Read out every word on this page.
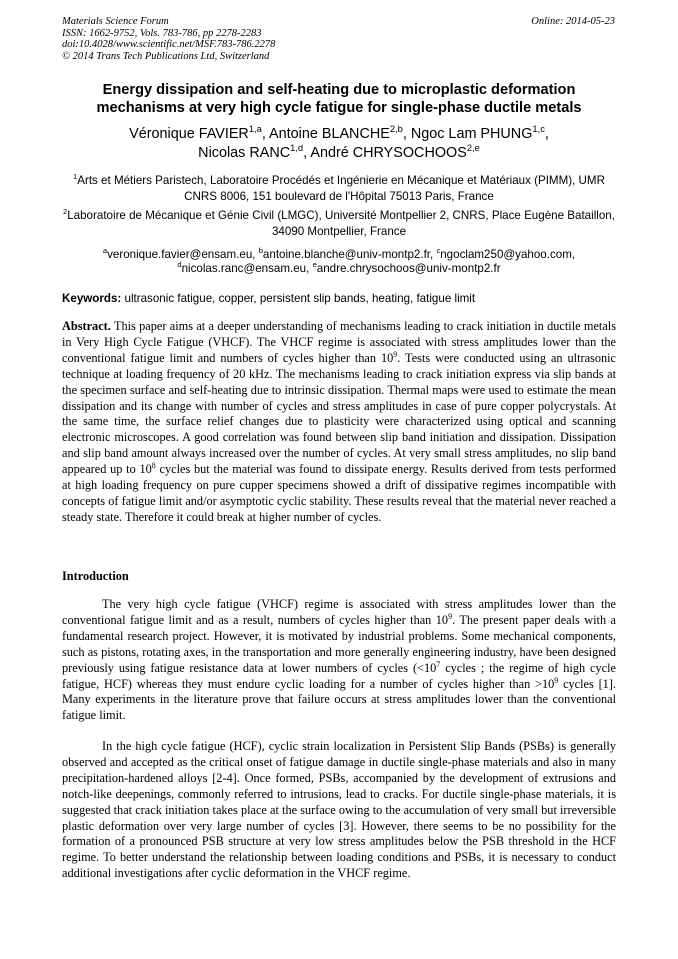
Materials Science Forum
ISSN: 1662-9752, Vols. 783-786, pp 2278-2283
doi:10.4028/www.scientific.net/MSF.783-786.2278
© 2014 Trans Tech Publications Ltd, Switzerland
Online: 2014-05-23
Energy dissipation and self-heating due to microplastic deformation mechanisms at very high cycle fatigue for single-phase ductile metals
Véronique FAVIER$^{1,a}$, Antoine BLANCHE$^{2,b}$, Ngoc Lam PHUNG$^{1,c}$,
Nicolas RANC$^{1,d}$, André CHRYSOCHOOS$^{2,e}$
$^1$Arts et Métiers Paristech, Laboratoire Procédés et Ingénierie en Mécanique et Matériaux (PIMM), UMR CNRS 8006, 151 boulevard de l'Hôpital 75013 Paris, France
$^2$Laboratoire de Mécanique et Génie Civil (LMGC), Université Montpellier 2, CNRS, Place Eugène Bataillon, 34090 Montpellier, France
$^a$veronique.favier@ensam.eu, $^b$antoine.blanche@univ-montp2.fr, $^c$ngoclam250@yahoo.com,
$^d$nicolas.ranc@ensam.eu, $^e$andre.chrysochoos@univ-montp2.fr
Keywords: ultrasonic fatigue, copper, persistent slip bands, heating, fatigue limit
Abstract. This paper aims at a deeper understanding of mechanisms leading to crack initiation in ductile metals in Very High Cycle Fatigue (VHCF). The VHCF regime is associated with stress amplitudes lower than the conventional fatigue limit and numbers of cycles higher than $10^9$. Tests were conducted using an ultrasonic technique at loading frequency of 20 kHz. The mechanisms leading to crack initiation express via slip bands at the specimen surface and self-heating due to intrinsic dissipation. Thermal maps were used to estimate the mean dissipation and its change with number of cycles and stress amplitudes in case of pure copper polycrystals. At the same time, the surface relief changes due to plasticity were characterized using optical and scanning electronic microscopes. A good correlation was found between slip band initiation and dissipation. Dissipation and slip band amount always increased over the number of cycles. At very small stress amplitudes, no slip band appeared up to $10^8$ cycles but the material was found to dissipate energy. Results derived from tests performed at high loading frequency on pure cupper specimens showed a drift of dissipative regimes incompatible with concepts of fatigue limit and/or asymptotic cyclic stability. These results reveal that the material never reached a steady state. Therefore it could break at higher number of cycles.
Introduction
The very high cycle fatigue (VHCF) regime is associated with stress amplitudes lower than the conventional fatigue limit and as a result, numbers of cycles higher than $10^9$. The present paper deals with a fundamental research project. However, it is motivated by industrial problems. Some mechanical components, such as pistons, rotating axes, in the transportation and more generally engineering industry, have been designed previously using fatigue resistance data at lower numbers of cycles ($<10^7$ cycles ; the regime of high cycle fatigue, HCF) whereas they must endure cyclic loading for a number of cycles higher than $>10^9$ cycles [1]. Many experiments in the literature prove that failure occurs at stress amplitudes lower than the conventional fatigue limit.
In the high cycle fatigue (HCF), cyclic strain localization in Persistent Slip Bands (PSBs) is generally observed and accepted as the critical onset of fatigue damage in ductile single-phase materials and also in many precipitation-hardened alloys [2-4]. Once formed, PSBs, accompanied by the development of extrusions and notch-like deepenings, commonly referred to intrusions, lead to cracks. For ductile single-phase materials, it is suggested that crack initiation takes place at the surface owing to the accumulation of very small but irreversible plastic deformation over very large number of cycles [3]. However, there seems to be no possibility for the formation of a pronounced PSB structure at very low stress amplitudes below the PSB threshold in the HCF regime. To better understand the relationship between loading conditions and PSBs, it is necessary to conduct additional investigations after cyclic deformation in the VHCF regime.
